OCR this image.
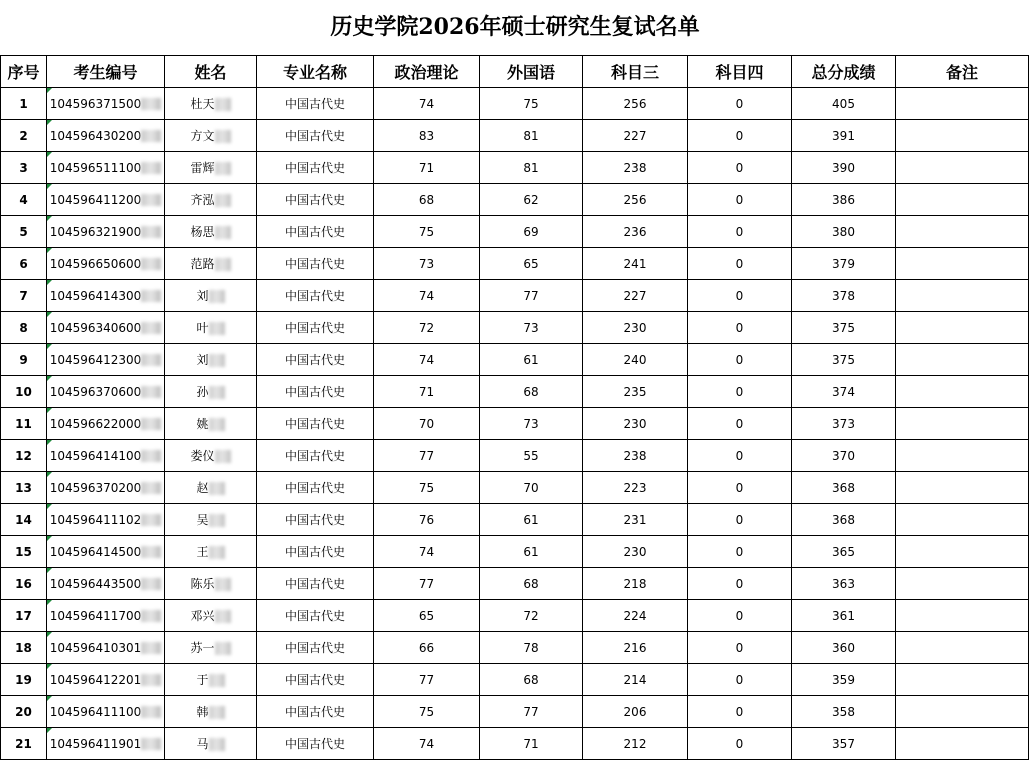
历史学院2026年硕士研究生复试名单
序号	考生编号	姓名	专业名称	政治理论	外国语	科目三	科目四	总分成绩	备注
1	104596371500	杜天	中国古代史	74	75	256	0	405	
2	104596430200	方文	中国古代史	83	81	227	0	391	
3	104596511100	雷辉	中国古代史	71	81	238	0	390	
4	104596411200	齐泓	中国古代史	68	62	256	0	386	
5	104596321900	杨思	中国古代史	75	69	236	0	380	
6	104596650600	范路	中国古代史	73	65	241	0	379	
7	104596414300	刘	中国古代史	74	77	227	0	378	
8	104596340600	叶	中国古代史	72	73	230	0	375	
9	104596412300	刘	中国古代史	74	61	240	0	375	
10	104596370600	孙	中国古代史	71	68	235	0	374	
11	104596622000	姚	中国古代史	70	73	230	0	373	
12	104596414100	娄仪	中国古代史	77	55	238	0	370	
13	104596370200	赵	中国古代史	75	70	223	0	368	
14	104596411102	吴	中国古代史	76	61	231	0	368	
15	104596414500	王	中国古代史	74	61	230	0	365	
16	104596443500	陈乐	中国古代史	77	68	218	0	363	
17	104596411700	邓兴	中国古代史	65	72	224	0	361	
18	104596410301	苏一	中国古代史	66	78	216	0	360	
19	104596412201	于	中国古代史	77	68	214	0	359	
20	104596411100	韩	中国古代史	75	77	206	0	358	
21	104596411901	马	中国古代史	74	71	212	0	357	
